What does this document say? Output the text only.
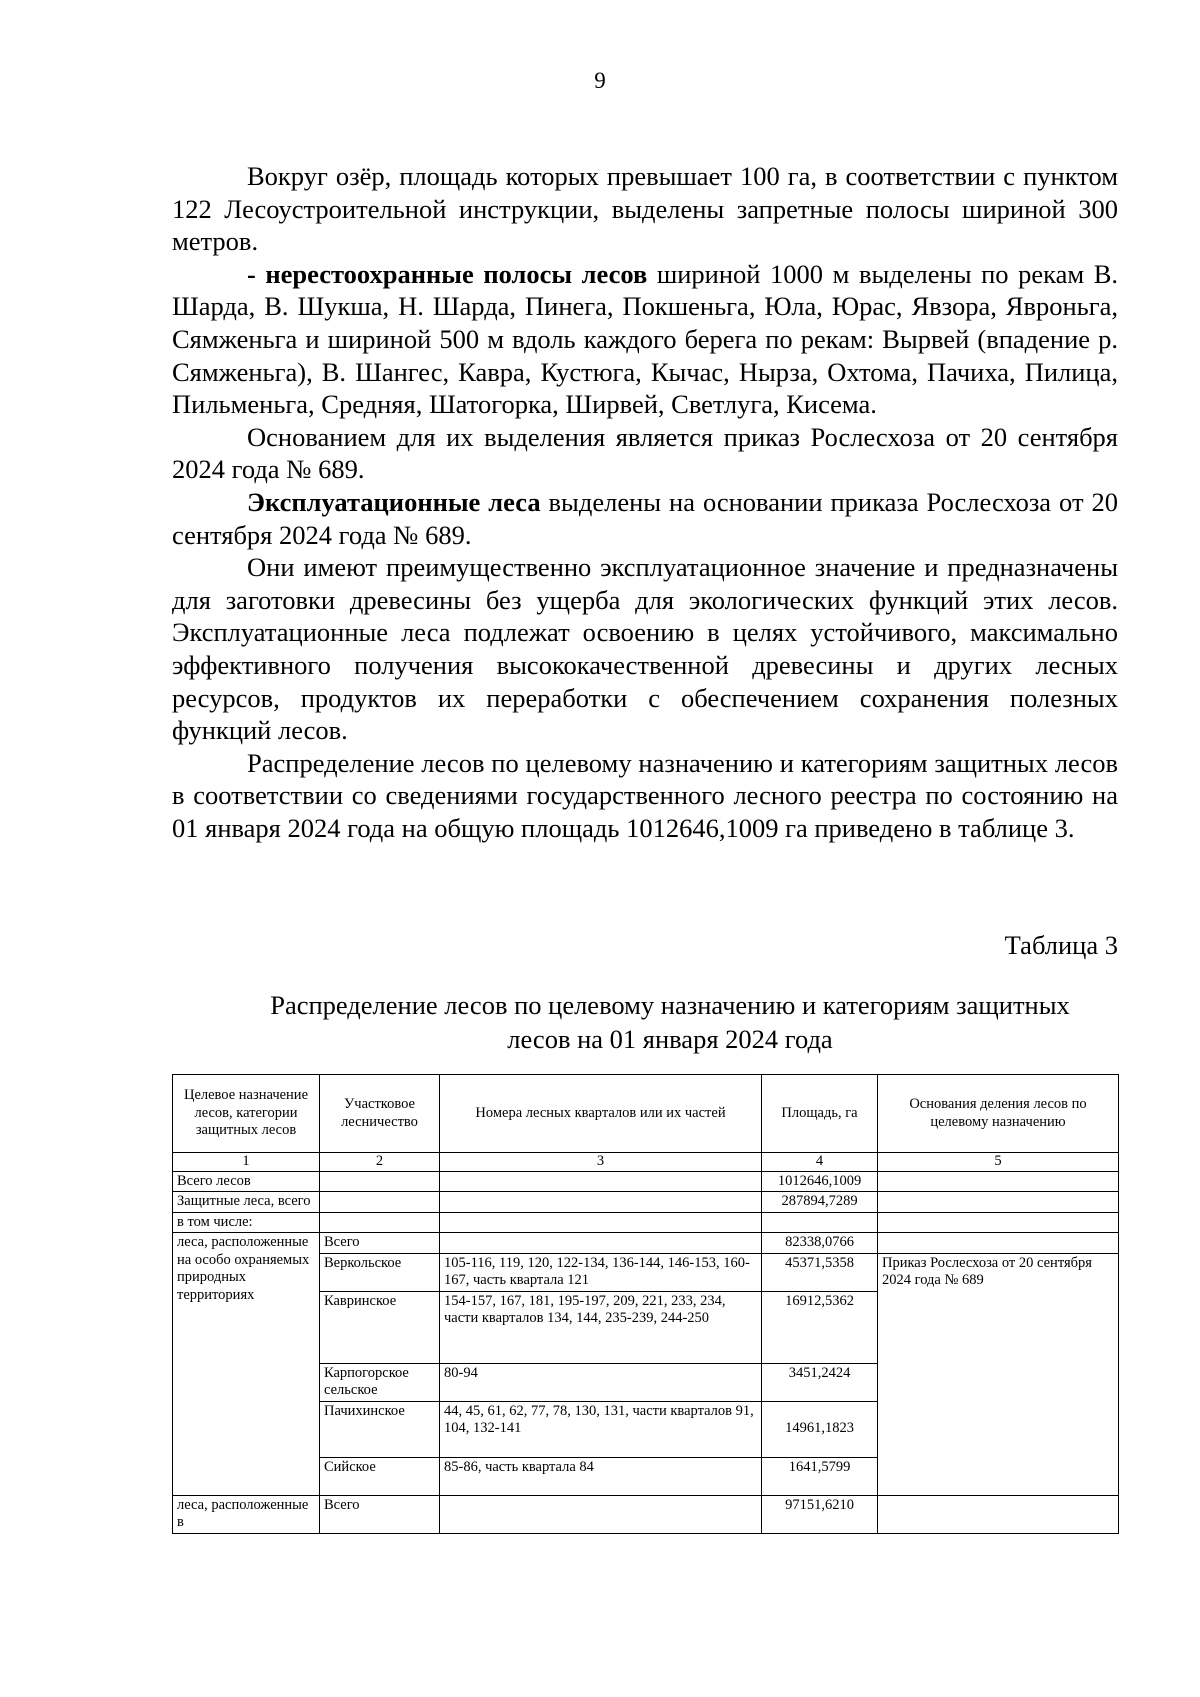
9

Вокруг озёр, площадь которых превышает 100 га, в соответствии с пунктом 122 Лесоустроительной инструкции, выделены запретные полосы шириной 300 метров.

- нерестоохранные полосы лесов шириной 1000 м выделены по рекам В. Шарда, В. Шукша, Н. Шарда, Пинега, Покшеньга, Юла, Юрас, Явзора, Явроньга, Сямженьга и шириной 500 м вдоль каждого берега по рекам: Вырвей (впадение р. Сямженьга), В. Шангес, Кавра, Кустюга, Кычас, Нырза, Охтома, Пачиха, Пилица, Пильменьга, Средняя, Шатогорка, Ширвей, Светлуга, Кисема.

Основанием для их выделения является приказ Рослесхоза от 20 сентября 2024 года № 689.

Эксплуатационные леса выделены на основании приказа Рослесхоза от 20 сентября 2024 года № 689.

Они имеют преимущественно эксплуатационное значение и предназначены для заготовки древесины без ущерба для экологических функций этих лесов. Эксплуатационные леса подлежат освоению в целях устойчивого, максимально эффективного получения высококачественной древесины и других лесных ресурсов, продуктов их переработки с обеспечением сохранения полезных функций лесов.

Распределение лесов по целевому назначению и категориям защитных лесов в соответствии со сведениями государственного лесного реестра по состоянию на 01 января 2024 года на общую площадь 1012646,1009 га приведено в таблице 3.

Таблица 3
Распределение лесов по целевому назначению и категориям защитных
лесов на 01 января 2024 года
Целевое назначение лесов, категории защитных лесов	Участковое лесничество	Номера лесных кварталов или их частей	Площадь, га	Основания деления лесов по целевому назначению
1	2	3	4	5
Всего лесов			1012646,1009	
Защитные леса, всего			287894,7289	
в том числе:				
леса, расположенные на особо охраняемых природных территориях	Всего		82338,0766	
	Веркольское	105-116, 119, 120, 122-134, 136-144, 146-153, 160-167, часть квартала 121	45371,5358	Приказ Рослесхоза от 20 сентября 2024 года № 689
	Кавринское	154-157, 167, 181, 195-197, 209, 221, 233, 234, части кварталов 134, 144, 235-239, 244-250	16912,5362	
	Карпогорское сельское	80-94	3451,2424	
	Пачихинское	44, 45, 61, 62, 77, 78, 130, 131, части кварталов 91, 104, 132-141	14961,1823	
	Сийское	85-86, часть квартала 84	1641,5799	
леса, расположенные в	Всего		97151,6210	
